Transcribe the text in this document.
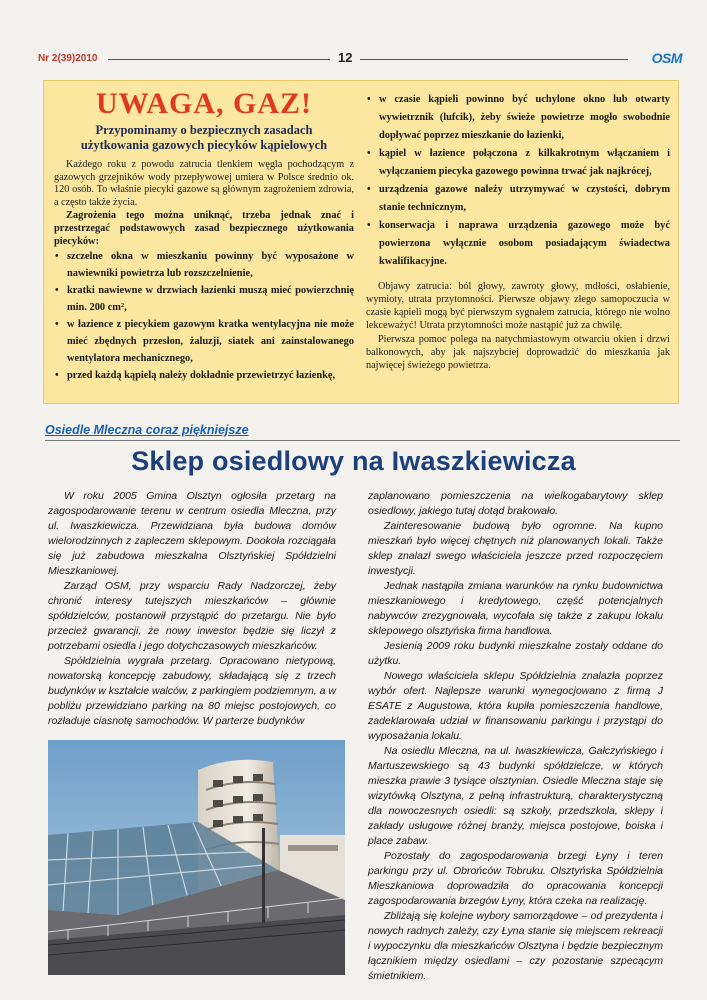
Nr 2(39)2010	12	OSM
UWAGA, GAZ!
Przypominamy o bezpiecznych zasadach
użytkowania gazowych piecyków kąpielowych
Każdego roku z powodu zatrucia tlenkiem węgla pochodzącym z gazowych grzejników wody przepływowej umiera w Polsce średnio ok. 120 osób. To właśnie piecyki gazowe są głównym zagrożeniem zdrowia, a często także życia.
Zagrożenia tego można uniknąć, trzeba jednak znać i przestrzegać podstawowych zasad bezpiecznego użytkowania piecyków:
• szczelne okna w mieszkaniu powinny być wyposażone w nawiewniki powietrza lub rozszczelnienie,
• kratki nawiewne w drzwiach łazienki muszą mieć powierzchnię min. 200 cm²,
• w łazience z piecykiem gazowym kratka wentylacyjna nie może mieć zbędnych przesłon, żaluzji, siatek ani zainstalowanego wentylatora mechanicznego,
• przed każdą kąpielą należy dokładnie przewietrzyć łazienkę,
• w czasie kąpieli powinno być uchylone okno lub otwarty wywietrznik (lufcik), żeby świeże powietrze mogło swobodnie dopływać poprzez mieszkanie do łazienki,
• kąpiel w łazience połączona z kilkakrotnym włączaniem i wyłączaniem piecyka gazowego powinna trwać jak najkrócej,
• urządzenia gazowe należy utrzymywać w czystości, dobrym stanie technicznym,
• konserwacja i naprawa urządzenia gazowego może być powierzona wyłącznie osobom posiadającym świadectwa kwalifikacyjne.
Objawy zatrucia: ból głowy, zawroty głowy, mdłości, osłabienie, wymioty, utrata przytomności. Pierwsze objawy złego samopoczucia w czasie kąpieli mogą być pierwszym sygnałem zatrucia, którego nie wolno lekceważyć! Utrata przytomności może nastąpić już za chwilę.
Pierwsza pomoc polega na natychmiastowym otwarciu okien i drzwi balkonowych, aby jak najszybciej doprowadzić do mieszkania jak najwięcej świeżego powietrza.
Osiedle Mleczna coraz piękniejsze
Sklep osiedlowy na Iwaszkiewicza

W roku 2005 Gmina Olsztyn ogłosiła przetarg na zagospodarowanie terenu w centrum osiedla Mleczna, przy ul. Iwaszkiewicza. Przewidziana była budowa domów wielorodzinnych z zapleczem sklepowym. Dookoła rozciągała się już zabudowa mieszkalna Olsztyńskiej Spółdzielni Mieszkaniowej.

Zarząd OSM, przy wsparciu Rady Nadzorczej, żeby chronić interesy tutejszych mieszkańców – głównie spółdzielców, postanowił przystąpić do przetargu. Nie było przecież gwarancji, że nowy inwestor będzie się liczył z potrzebami osiedla i jego dotychczasowych mieszkańców.

Spółdzielnia wygrała przetarg. Opracowano nietypową, nowatorską koncepcję zabudowy, składającą się z trzech budynków w kształcie walców, z parkingiem podziemnym, a w pobliżu przewidziano parking na 80 miejsc postojowych, co rozładuje ciasnotę samochodów. W parterze budynków

zaplanowano pomieszczenia na wielkogabarytowy sklep osiedlowy, jakiego tutaj dotąd brakowało.

Zainteresowanie budową było ogromne. Na kupno mieszkań było więcej chętnych niż planowanych lokali. Także sklep znalazł swego właściciela jeszcze przed rozpoczęciem inwestycji.

Jednak nastąpiła zmiana warunków na rynku budownictwa mieszkaniowego i kredytowego, część potencjalnych nabywców zrezygnowała, wycofała się także z zakupu lokalu sklepowego olsztyńska firma handlowa.

Jesienią 2009 roku budynki mieszkalne zostały oddane do użytku.

Nowego właściciela sklepu Spółdzielnia znalazła poprzez wybór ofert. Najlepsze warunki wynegocjowano z firmą J ESATE z Augustowa, która kupiła pomieszczenia handlowe, zadeklarowała udział w finansowaniu parkingu i przystąpi do wyposażania lokalu.

Na osiedlu Mleczna, na ul. Iwaszkiewicza, Gałczyńskiego i Martuszewskiego są 43 budynki spółdzielcze, w których mieszka prawie 3 tysiące olsztynian. Osiedle Mleczna staje się wizytówką Olsztyna, z pełną infrastrukturą, charakterystyczną dla nowoczesnych osiedli: są szkoły, przedszkola, sklepy i zakłady usługowe różnej branży, miejsca postojowe, boiska i place zabaw.

Pozostały do zagospodarowania brzegi Łyny i teren parkingu przy ul. Obrońców Tobruku. Olsztyńska Spółdzielnia Mieszkaniowa doprowadziła do opracowania koncepcji zagospodarowania brzegów Łyny, która czeka na realizację.

Zbliżają się kolejne wybory samorządowe – od prezydenta i nowych radnych zależy, czy Łyna stanie się miejscem rekreacji i wypoczynku dla mieszkańców Olsztyna i będzie bezpiecznym łącznikiem między osiedlami – czy pozostanie szpecącym śmietnikiem.
